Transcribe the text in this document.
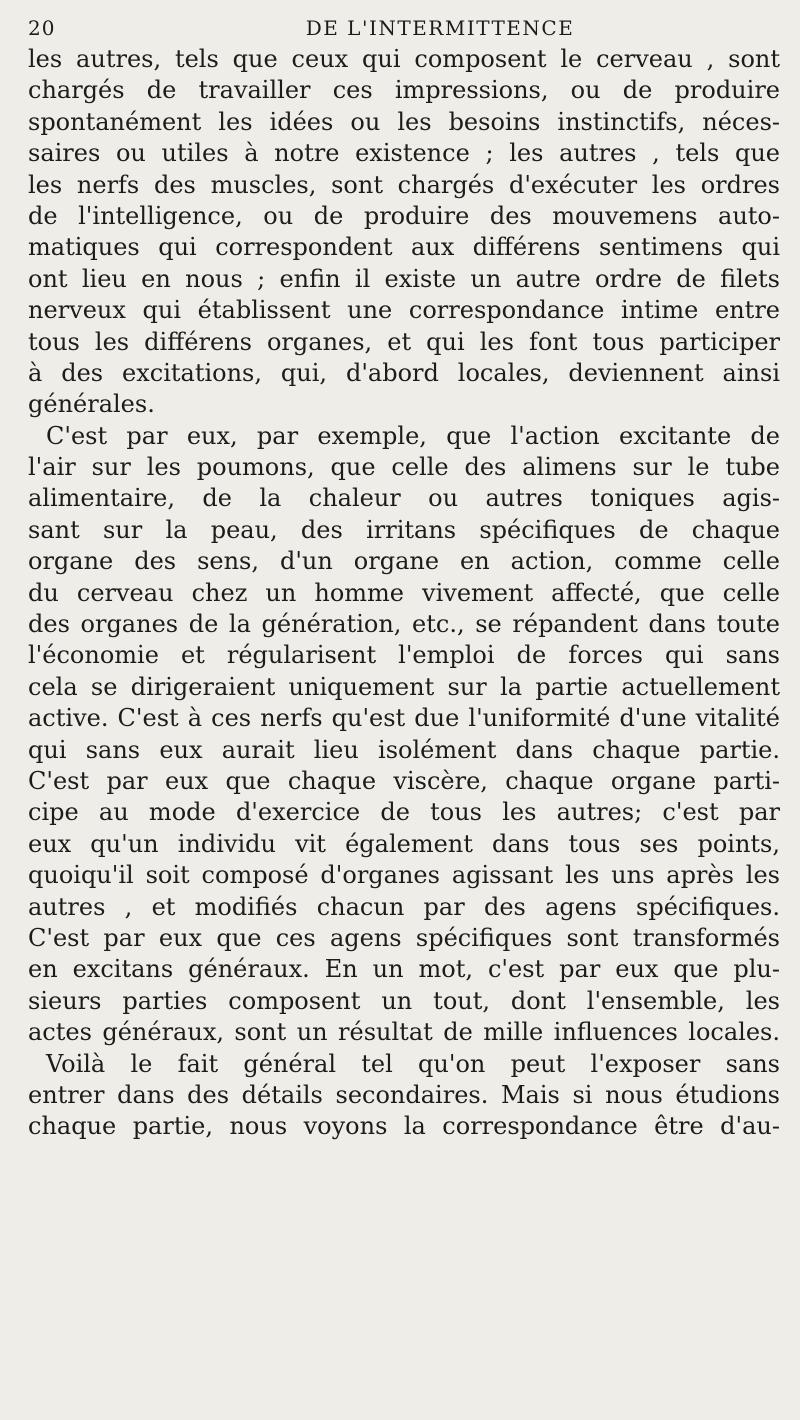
20	DE L'INTERMITTENCE
les autres, tels que ceux qui composent le cerveau , sont
chargés de travailler ces impressions, ou de produire
spontanément les idées ou les besoins instinctifs, néces-
saires ou utiles à notre existence ; les autres , tels que
les nerfs des muscles, sont chargés d'exécuter les ordres
de l'intelligence, ou de produire des mouvemens auto-
matiques qui correspondent aux différens sentimens qui
ont lieu en nous ; enfin il existe un autre ordre de filets
nerveux qui établissent une correspondance intime entre
tous les différens organes, et qui les font tous participer
à des excitations, qui, d'abord locales, deviennent ainsi
générales.
C'est par eux, par exemple, que l'action excitante de
l'air sur les poumons, que celle des alimens sur le tube
alimentaire, de la chaleur ou autres toniques agis-
sant sur la peau, des irritans spécifiques de chaque
organe des sens, d'un organe en action, comme celle
du cerveau chez un homme vivement affecté, que celle
des organes de la génération, etc., se répandent dans toute
l'économie et régularisent l'emploi de forces qui sans
cela se dirigeraient uniquement sur la partie actuellement
active. C'est à ces nerfs qu'est due l'uniformité d'une vitalité
qui sans eux aurait lieu isolément dans chaque partie.
C'est par eux que chaque viscère, chaque organe parti-
cipe au mode d'exercice de tous les autres; c'est par
eux qu'un individu vit également dans tous ses points,
quoiqu'il soit composé d'organes agissant les uns après les
autres , et modifiés chacun par des agens spécifiques.
C'est par eux que ces agens spécifiques sont transformés
en excitans généraux. En un mot, c'est par eux que plu-
sieurs parties composent un tout, dont l'ensemble, les
actes généraux, sont un résultat de mille influences locales.
Voilà le fait général tel qu'on peut l'exposer sans
entrer dans des détails secondaires. Mais si nous étudions
chaque partie, nous voyons la correspondance être d'au-
